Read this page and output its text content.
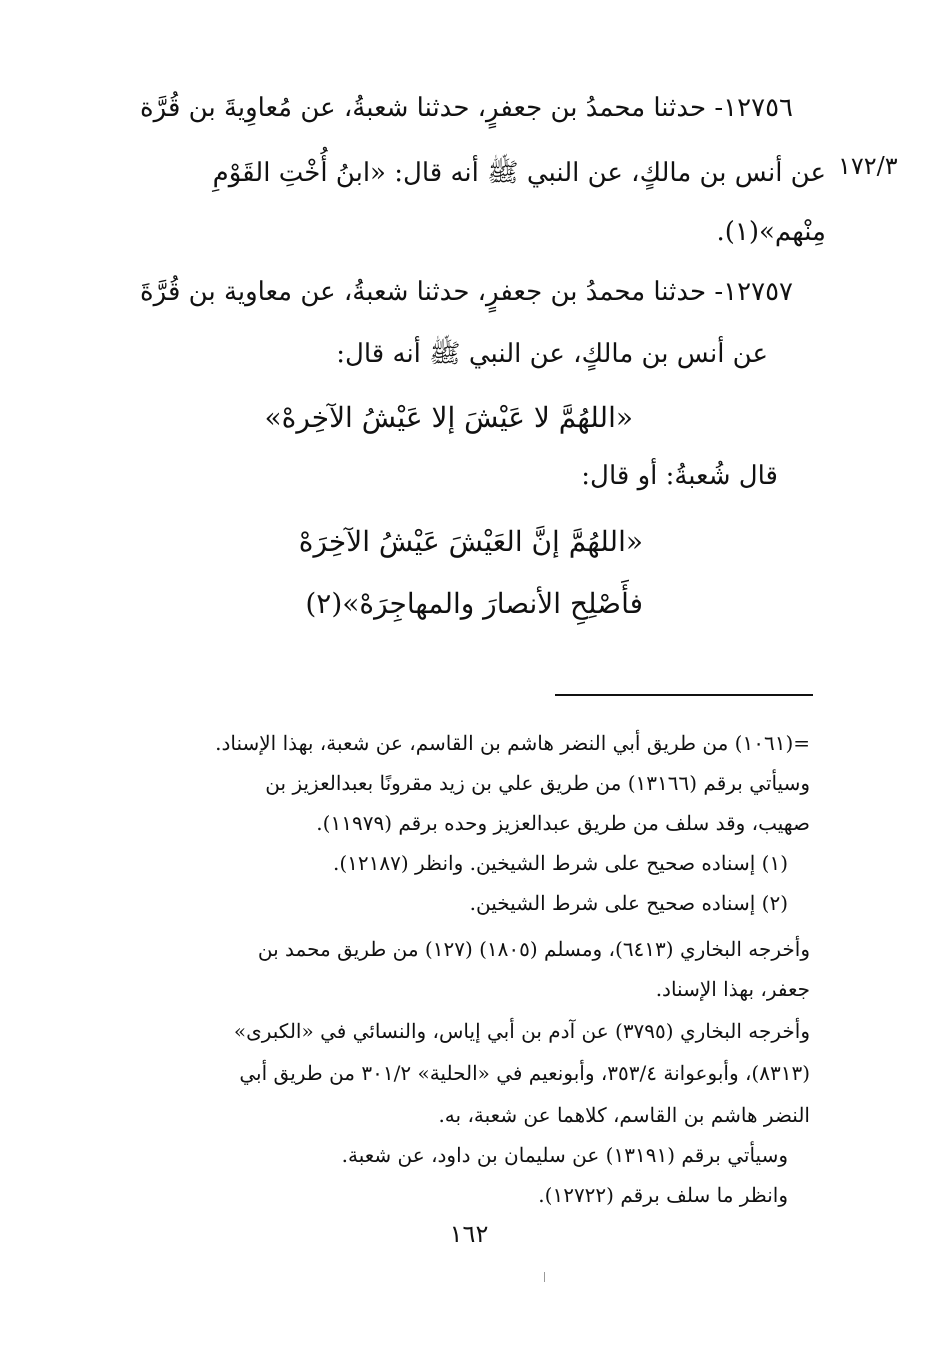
١٧٢/٣
١٢٧٥٦- حدثنا محمدُ بن جعفرٍ، حدثنا شعبةُ، عن مُعاوِيةَ بن قُرَّة
عن أنس بن مالكٍ، عن النبي ﷺ أنه قال: «ابنُ أُخْتِ القَوْمِ
مِنْهم»(١).
١٢٧٥٧- حدثنا محمدُ بن جعفرٍ، حدثنا شعبةُ، عن معاوية بن قُرَّةَ
عن أنس بن مالكٍ، عن النبي ﷺ أنه قال:
«اللهُمَّ لا عَيْشَ إلا عَيْشُ الآخِرهْ»
قال شُعبةُ: أو قال:
«اللهُمَّ إنَّ العَيْشَ عَيْشُ الآخِرَهْ
فأَصْلِحِ الأنصارَ والمهاجِرَهْ»(٢)
=(١٠٦١) من طريق أبي النضر هاشم بن القاسم، عن شعبة، بهذا الإسناد.
وسيأتي برقم (١٣١٦٦) من طريق علي بن زيد مقرونًا بعبدالعزيز بن
صهيب، وقد سلف من طريق عبدالعزيز وحده برقم (١١٩٧٩).
(١) إسناده صحيح على شرط الشيخين. وانظر (١٢١٨٧).
(٢) إسناده صحيح على شرط الشيخين.
وأخرجه البخاري (٦٤١٣)، ومسلم (١٨٠٥) (١٢٧) من طريق محمد بن
جعفر، بهذا الإسناد.
وأخرجه البخاري (٣٧٩٥) عن آدم بن أبي إياس، والنسائي في «الكبرى»
(٨٣١٣)، وأبوعوانة ٣٥٣/٤، وأبونعيم في «الحلية» ٣٠١/٢ من طريق أبي
النضر هاشم بن القاسم، كلاهما عن شعبة، به.
وسيأتي برقم (١٣١٩١) عن سليمان بن داود، عن شعبة.
وانظر ما سلف برقم (١٢٧٢٢).
١٦٢
